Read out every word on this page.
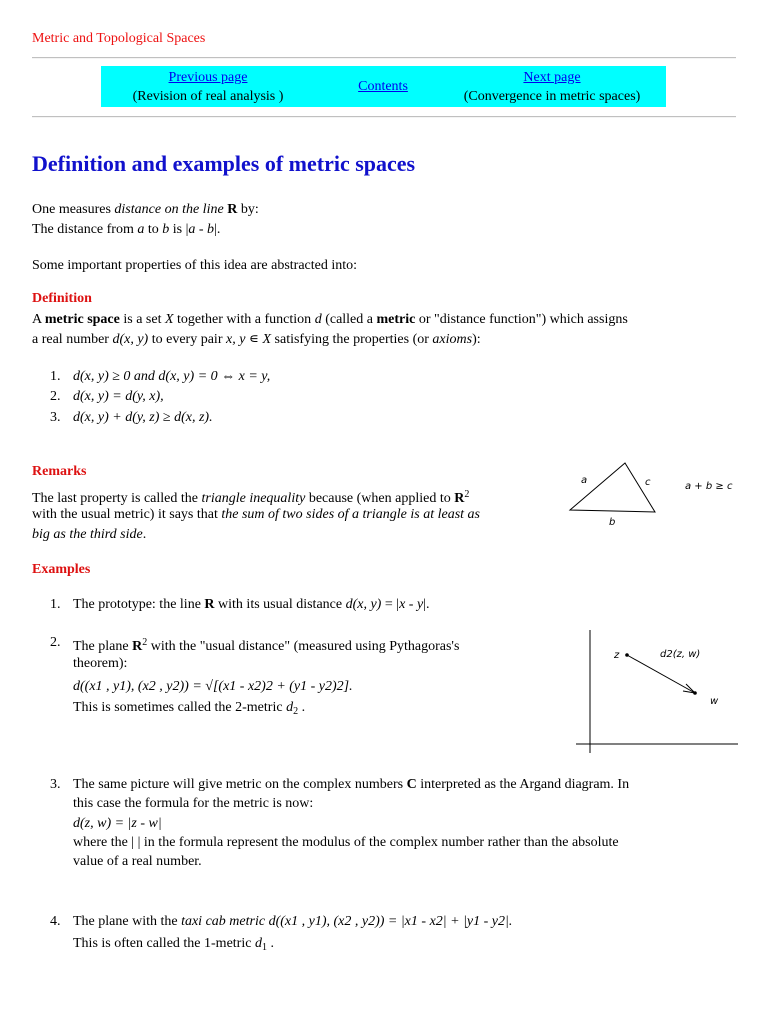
Metric and Topological Spaces
Previous page
(Revision of real analysis )
Contents
Next page
(Convergence in metric spaces)
Definition and examples of metric spaces
One measures distance on the line R by:
The distance from a to b is |a - b|.
Some important properties of this idea are abstracted into:
Definition
A metric space is a set X together with a function d (called a metric or "distance function") which assigns
a real number d(x, y) to every pair x, y ∊ X satisfying the properties (or axioms):
1. d(x, y) ≥ 0 and d(x, y) = 0 ⇔ x = y,
2. d(x, y) = d(y, x),
3. d(x, y) + d(y, z) ≥ d(x, z).
Remarks
The last property is called the triangle inequality because (when applied to $R^2$
with the usual metric) it says that the sum of two sides of a triangle is at least as
big as the third side.
a	c
b
a + b ≥ c
Examples
1. The prototype: the line R with its usual distance d(x, y) = |x - y|.
2. The plane $R^2$ with the "usual distance" (measured using Pythagoras's
theorem):
d((x1 , y1), (x2 , y2)) = √[(x1 - x2)2 + (y1 - y2)2].
This is sometimes called the 2-metric $d_2$ .
z
w
d2(z, w)
3. The same picture will give metric on the complex numbers C interpreted as the Argand diagram. In
this case the formula for the metric is now:
d(z, w) = |z - w|
where the | | in the formula represent the modulus of the complex number rather than the absolute
value of a real number.
4. The plane with the taxi cab metric d((x1 , y1), (x2 , y2)) = |x1 - x2| + |y1 - y2|.
This is often called the 1-metric $d_1$ .
